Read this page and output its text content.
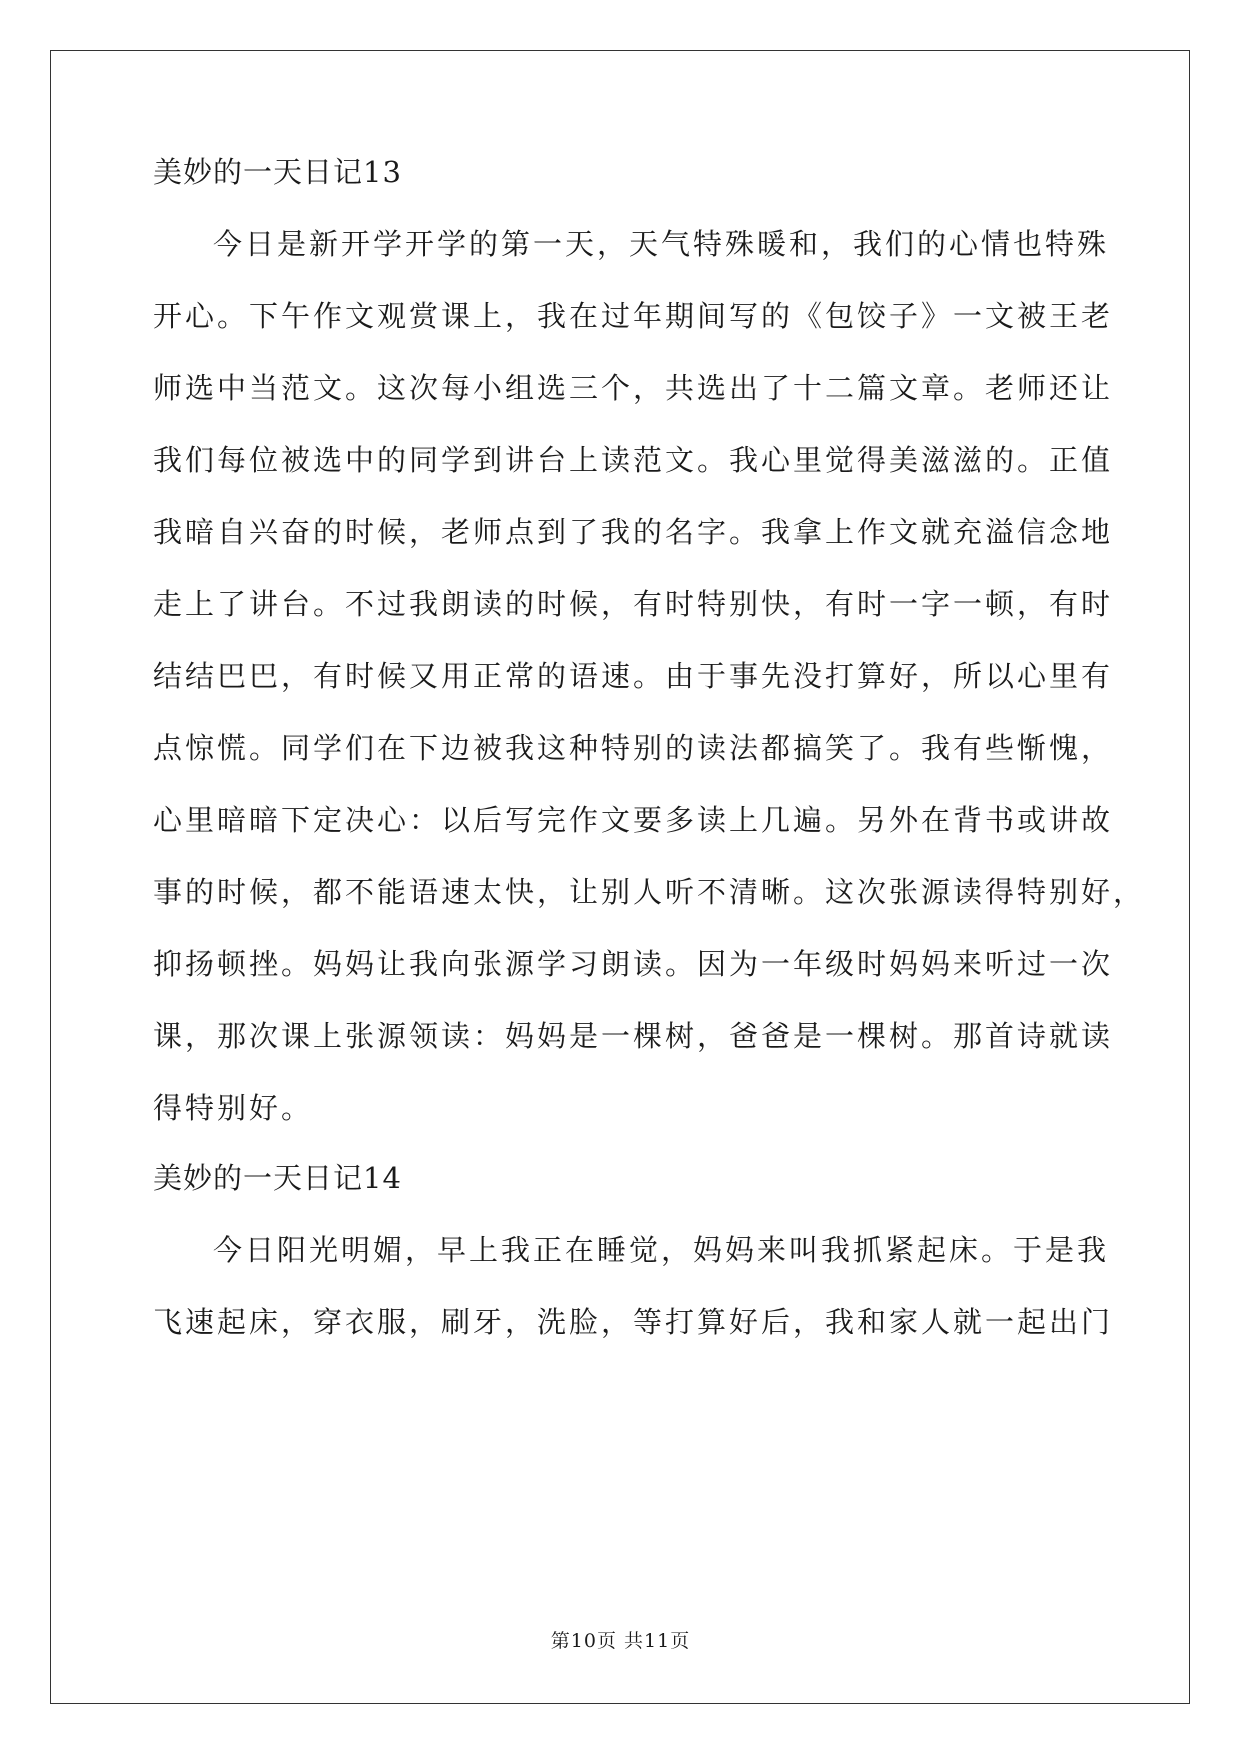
美妙的一天日记13
今日是新开学开学的第一天，天气特殊暖和，我们的心情也特殊
开心。下午作文观赏课上，我在过年期间写的《包饺子》一文被王老
师选中当范文。这次每小组选三个，共选出了十二篇文章。老师还让
我们每位被选中的同学到讲台上读范文。我心里觉得美滋滋的。正值
我暗自兴奋的时候，老师点到了我的名字。我拿上作文就充溢信念地
走上了讲台。不过我朗读的时候，有时特别快，有时一字一顿，有时
结结巴巴，有时候又用正常的语速。由于事先没打算好，所以心里有
点惊慌。同学们在下边被我这种特别的读法都搞笑了。我有些惭愧，
心里暗暗下定决心：以后写完作文要多读上几遍。另外在背书或讲故
事的时候，都不能语速太快，让别人听不清晰。这次张源读得特别好，
抑扬顿挫。妈妈让我向张源学习朗读。因为一年级时妈妈来听过一次
课，那次课上张源领读：妈妈是一棵树，爸爸是一棵树。那首诗就读
得特别好。
美妙的一天日记14
今日阳光明媚，早上我正在睡觉，妈妈来叫我抓紧起床。于是我
飞速起床，穿衣服，刷牙，洗脸，等打算好后，我和家人就一起出门
第10页 共11页
